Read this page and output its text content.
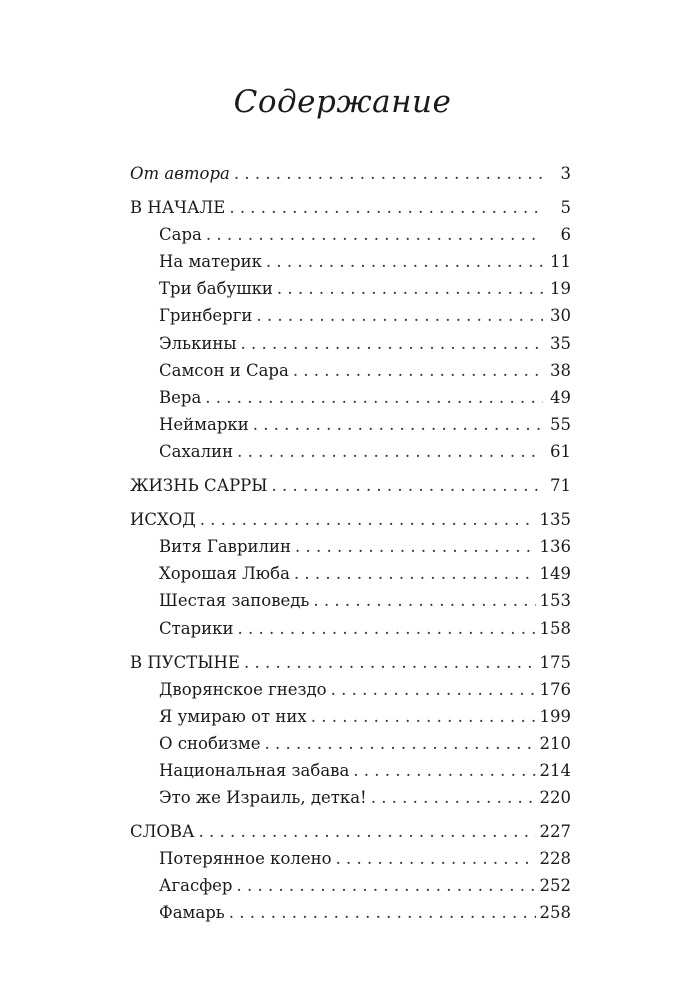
Содержание
От автора . . .	3
В НАЧАЛЕ . . .	5
Сара . . .	6
На материк . . .	11
Три бабушки . . .	19
Гринберги . . .	30
Элькины . . .	35
Самсон и Сара . . .	38
Вера . . .	49
Неймарки . . .	55
Сахалин . . .	61
ЖИЗНЬ САРРЫ . . .	71
ИСХОД . . .	135
Витя Гаврилин . . .	136
Хорошая Люба . . .	149
Шестая заповедь . . .	153
Старики . . .	158
В ПУСТЫНЕ . . .	175
Дворянское гнездо . . .	176
Я умираю от них . . .	199
О снобизме . . .	210
Национальная забава . . .	214
Это же Израиль, детка! . . .	220
СЛОВА . . .	227
Потерянное колено . . .	228
Агасфер . . .	252
Фамарь . . .	258
